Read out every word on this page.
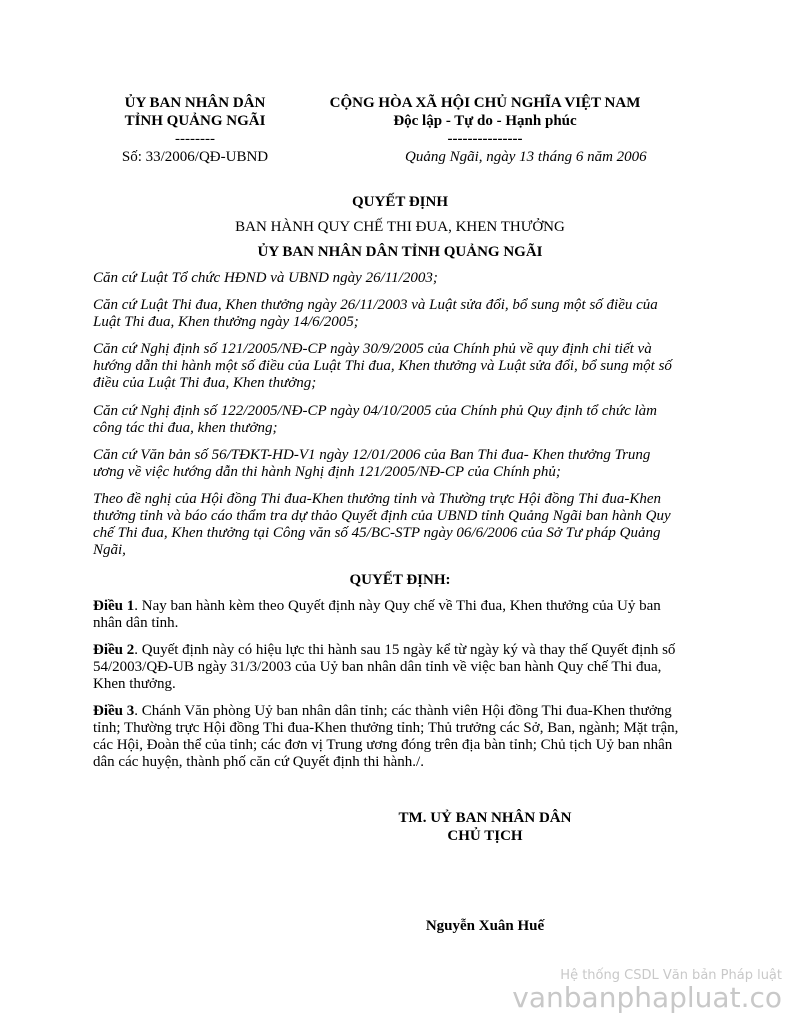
ỦY BAN NHÂN DÂN
TỈNH QUẢNG NGÃI
--------
Số: 33/2006/QĐ-UBND
CỘNG HÒA XÃ HỘI CHỦ NGHĨA VIỆT NAM
Độc lập - Tự do - Hạnh phúc
---------------
Quảng Ngãi, ngày 13 tháng 6 năm 2006
QUYẾT ĐỊNH
BAN HÀNH QUY CHẾ THI ĐUA, KHEN THƯỞNG
ỦY BAN NHÂN DÂN TỈNH QUẢNG NGÃI
Căn cứ Luật Tổ chức HĐND và UBND ngày 26/11/2003;
Căn cứ Luật Thi đua, Khen thưởng ngày 26/11/2003 và Luật sửa đổi, bổ sung một số điều của
Luật Thi đua, Khen thưởng ngày 14/6/2005;
Căn cứ Nghị định số 121/2005/NĐ-CP ngày 30/9/2005 của Chính phủ về quy định chi tiết và
hướng dẫn thi hành một số điều của Luật Thi đua, Khen thưởng và Luật sửa đổi, bổ sung một số
điều của Luật Thi đua, Khen thưởng;
Căn cứ Nghị định số 122/2005/NĐ-CP ngày 04/10/2005 của Chính phủ Quy định tổ chức làm
công tác thi đua, khen thưởng;
Căn cứ Văn bản số 56/TĐKT-HD-V1 ngày 12/01/2006 của Ban Thi đua- Khen thưởng Trung
ương về việc hướng dẫn thi hành Nghị định 121/2005/NĐ-CP của Chính phủ;
Theo đề nghị của Hội đồng Thi đua-Khen thưởng tỉnh và Thường trực Hội đồng Thi đua-Khen
thưởng tỉnh và báo cáo thẩm tra dự thảo Quyết định của UBND tỉnh Quảng Ngãi ban hành Quy
chế Thi đua, Khen thưởng tại Công văn số 45/BC-STP ngày 06/6/2006 của Sở Tư pháp Quảng
Ngãi,
QUYẾT ĐỊNH:
Điều 1. Nay ban hành kèm theo Quyết định này Quy chế về Thi đua, Khen thưởng của Uỷ ban
nhân dân tỉnh.
Điều 2. Quyết định này có hiệu lực thi hành sau 15 ngày kể từ ngày ký và thay thế Quyết định số
54/2003/QĐ-UB ngày 31/3/2003 của Uỷ ban nhân dân tỉnh về việc ban hành Quy chế Thi đua,
Khen thưởng.
Điều 3. Chánh Văn phòng Uỷ ban nhân dân tỉnh; các thành viên Hội đồng Thi đua-Khen thưởng
tỉnh; Thường trực Hội đồng Thi đua-Khen thưởng tỉnh; Thủ trưởng các Sở, Ban, ngành; Mặt trận,
các Hội, Đoàn thể của tỉnh; các đơn vị Trung ương đóng trên địa bàn tỉnh; Chủ tịch Uỷ ban nhân
dân các huyện, thành phố căn cứ Quyết định thi hành./.
TM. UỶ BAN NHÂN DÂN
CHỦ TỊCH
Nguyễn Xuân Huế
Hệ thống CSDL Văn bản Pháp luật
vanbanphapluat.co
